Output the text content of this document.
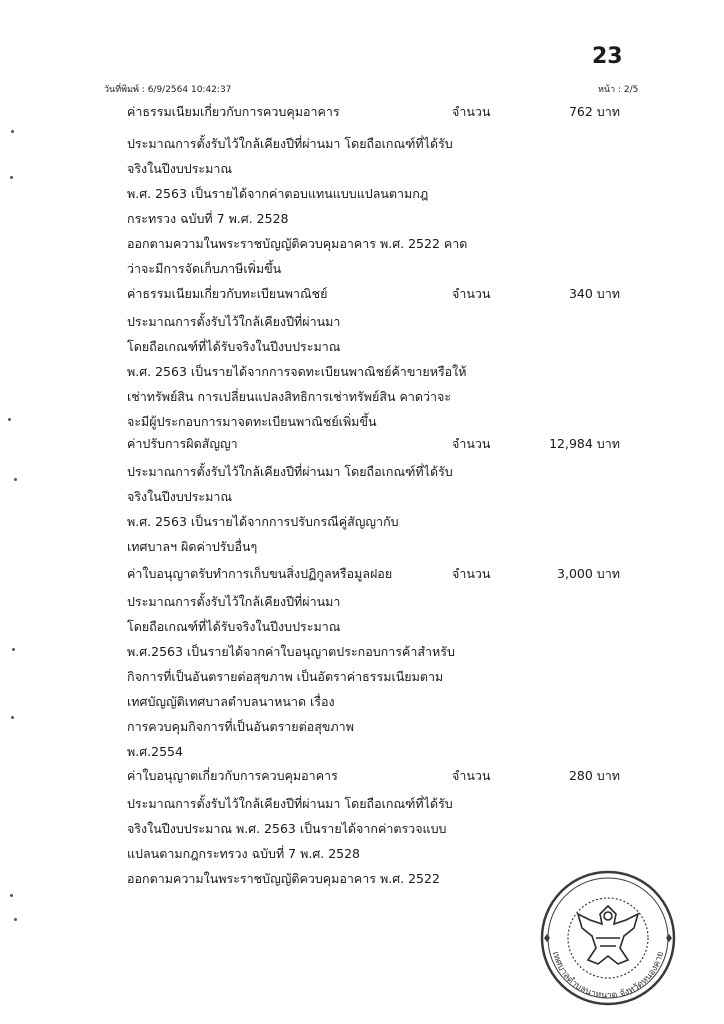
23
วันที่พิมพ์ : 6/9/2564 10:42:37	หน้า : 2/5
ค่าธรรมเนียมเกี่ยวกับการควบคุมอาคาร	จำนวน	762 บาท
ประมาณการตั้งรับไว้ใกล้เคียงปีที่ผ่านมา โดยถือเกณฑ์ที่ได้รับ
จริงในปีงบประมาณ
พ.ศ. 2563 เป็นรายได้จากค่าตอบแทนแบบแปลนตามกฎ
กระทรวง ฉบับที่ 7 พ.ศ. 2528
ออกตามความในพระราชบัญญัติควบคุมอาคาร พ.ศ. 2522 คาด
ว่าจะมีการจัดเก็บภาษีเพิ่มขึ้น
ค่าธรรมเนียมเกี่ยวกับทะเบียนพาณิชย์	จำนวน	340 บาท
ประมาณการตั้งรับไว้ใกล้เคียงปีที่ผ่านมา
โดยถือเกณฑ์ที่ได้รับจริงในปีงบประมาณ
พ.ศ. 2563 เป็นรายได้จากการจดทะเบียนพาณิชย์ค้าขายหรือให้
เช่าทรัพย์สิน การเปลี่ยนแปลงสิทธิการเช่าทรัพย์สิน คาดว่าจะ
จะมีผู้ประกอบการมาจดทะเบียนพาณิชย์เพิ่มขึ้น
ค่าปรับการผิดสัญญา	จำนวน	12,984 บาท
ประมาณการตั้งรับไว้ใกล้เคียงปีที่ผ่านมา โดยถือเกณฑ์ที่ได้รับ
จริงในปีงบประมาณ
พ.ศ. 2563 เป็นรายได้จากการปรับกรณีคู่สัญญากับ
เทศบาลฯ ผิดค่าปรับอื่นๆ
ค่าใบอนุญาตรับทำการเก็บขนสิ่งปฏิกูลหรือมูลฝอย	จำนวน	3,000 บาท
ประมาณการตั้งรับไว้ใกล้เคียงปีที่ผ่านมา
โดยถือเกณฑ์ที่ได้รับจริงในปีงบประมาณ
พ.ศ.2563 เป็นรายได้จากค่าใบอนุญาตประกอบการค้าสำหรับ
กิจการที่เป็นอันตรายต่อสุขภาพ เป็นอัตราค่าธรรมเนียมตาม
เทศบัญญัติเทศบาลตำบลนาหนาด เรื่อง
การควบคุมกิจการที่เป็นอันตรายต่อสุขภาพ
พ.ศ.2554
ค่าใบอนุญาตเกี่ยวกับการควบคุมอาคาร	จำนวน	280 บาท
ประมาณการตั้งรับไว้ใกล้เคียงปีที่ผ่านมา โดยถือเกณฑ์ที่ได้รับ
จริงในปีงบประมาณ พ.ศ. 2563 เป็นรายได้จากค่าตรวจแบบ
แปลนตามกฎกระทรวง ฉบับที่ 7 พ.ศ. 2528
ออกตามความในพระราชบัญญัติควบคุมอาคาร พ.ศ. 2522
เทศบาลตำบลนาหนาด จังหวัดหนองคาย
